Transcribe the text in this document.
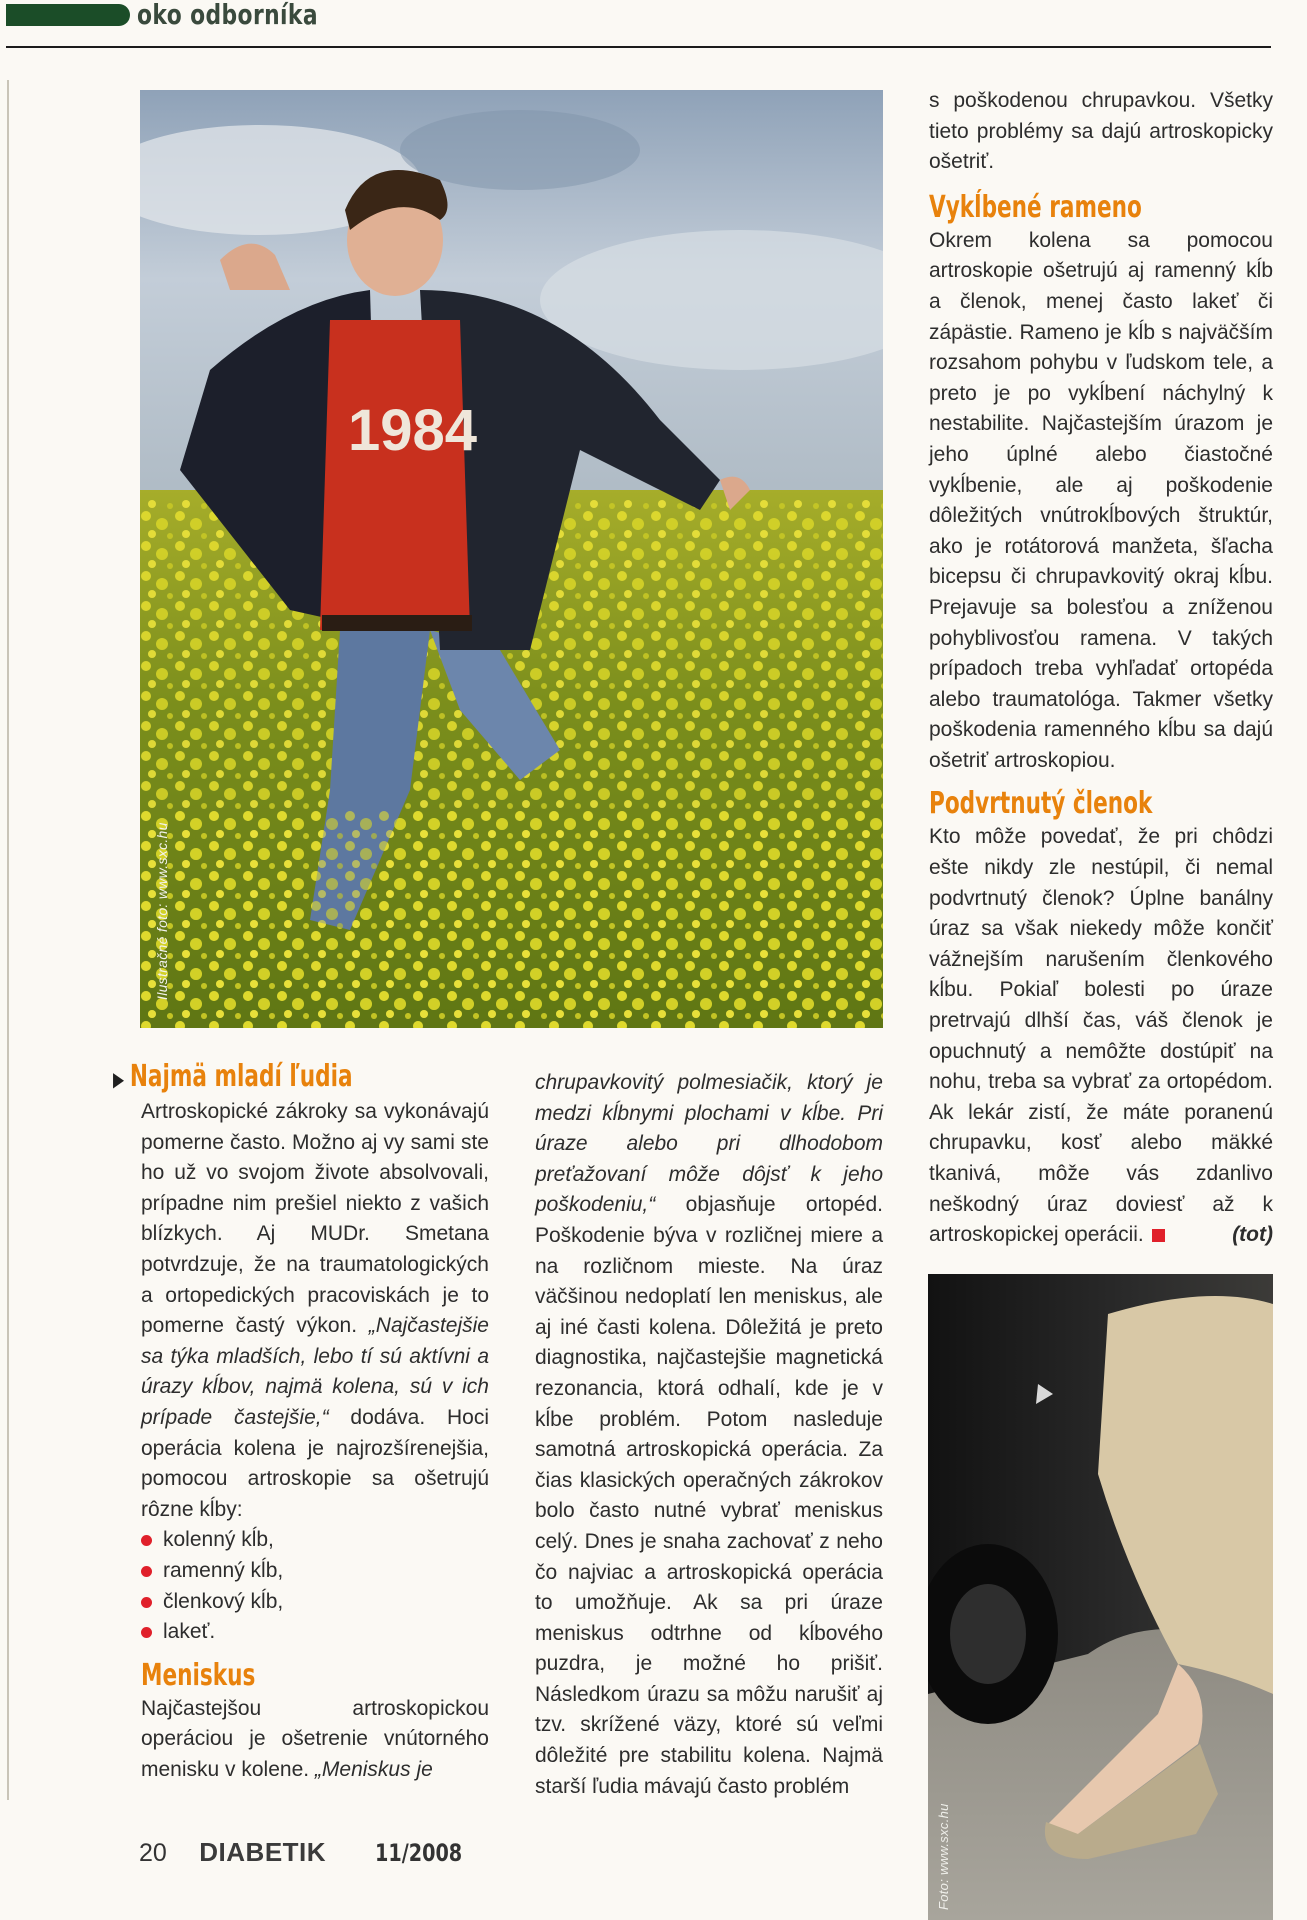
oko odborníka
1984
Ilustračné foto: www.sxc.hu
Foto: www.sxc.hu
▶ Najmä mladí ľudia

Artroskopické zákroky sa vykonávajú pomerne často. Možno aj vy sami ste ho už vo svojom živote absolvovali, prípadne nim prešiel niekto z vašich blízkych. Aj MUDr. Smetana potvrdzuje, že na traumatologických a ortopedických pracoviskách je to pomerne častý výkon. „Najčastejšie sa týka mladších, lebo tí sú aktívni a úrazy kĺbov, najmä kolena, sú v ich prípade častejšie,“ dodáva. Hoci operácia kolena je najrozšírenejšia, pomocou artroskopie sa ošetrujú rôzne kĺby:

kolenný kĺb,
ramenný kĺb,
členkový kĺb,
lakeť.
Meniskus

Najčastejšou artroskopickou operáciou je ošetrenie vnútorného menisku v kolene. „Meniskus je

chrupavkovitý polmesiačik, ktorý je medzi kĺbnymi plochami v kĺbe. Pri úraze alebo pri dlhodobom preťažovaní môže dôjsť k jeho poškodeniu,“ objasňuje ortopéd. Poškodenie býva v rozličnej miere a na rozličnom mieste. Na úraz väčšinou nedoplatí len meniskus, ale aj iné časti kolena. Dôležitá je preto diagnostika, najčastejšie magnetická rezonancia, ktorá odhalí, kde je v kĺbe problém. Potom nasleduje samotná artroskopická operácia. Za čias klasických operačných zákrokov bolo často nutné vybrať meniskus celý. Dnes je snaha zachovať z neho čo najviac a artroskopická operácia to umožňuje. Ak sa pri úraze meniskus odtrhne od kĺbového puzdra, je možné ho prišiť. Následkom úrazu sa môžu narušiť aj tzv. skrížené väzy, ktoré sú veľmi dôležité pre stabilitu kolena. Najmä starší ľudia mávajú často problém

s poškodenou chrupavkou. Všetky tieto problémy sa dajú artroskopicky ošetriť.

Vykĺbené rameno

Okrem kolena sa pomocou artroskopie ošetrujú aj ramenný kĺb a členok, menej často lakeť či zápästie. Rameno je kĺb s najväčším rozsahom pohybu v ľudskom tele, a preto je po vykĺbení náchylný k nestabilite. Najčastejším úrazom je jeho úplné alebo čiastočné vykĺbenie, ale aj poškodenie dôležitých vnútrokĺbových štruktúr, ako je rotátorová manžeta, šľacha bicepsu či chrupavkovitý okraj kĺbu. Prejavuje sa bolesťou a zníženou pohyblivosťou ramena. V takých prípadoch treba vyhľadať ortopéda alebo traumatológa. Takmer všetky poškodenia ramenného kĺbu sa dajú ošetriť artroskopiou.

Podvrtnutý členok

Kto môže povedať, že pri chôdzi ešte nikdy zle nestúpil, či nemal podvrtnutý členok? Úplne banálny úraz sa však niekedy môže končiť vážnejším narušením členkového kĺbu. Pokiaľ bolesti po úraze pretrvajú dlhší čas, váš členok je opuchnutý a nemôžte dostúpiť na nohu, treba sa vybrať za ortopédom. Ak lekár zistí, že máte poranenú chrupavku, kosť alebo mäkké tkanivá, môže vás zdanlivo neškodný úraz doviesť až k artroskopickej operácii.	(tot)

20 DIABETIK 11/2008
